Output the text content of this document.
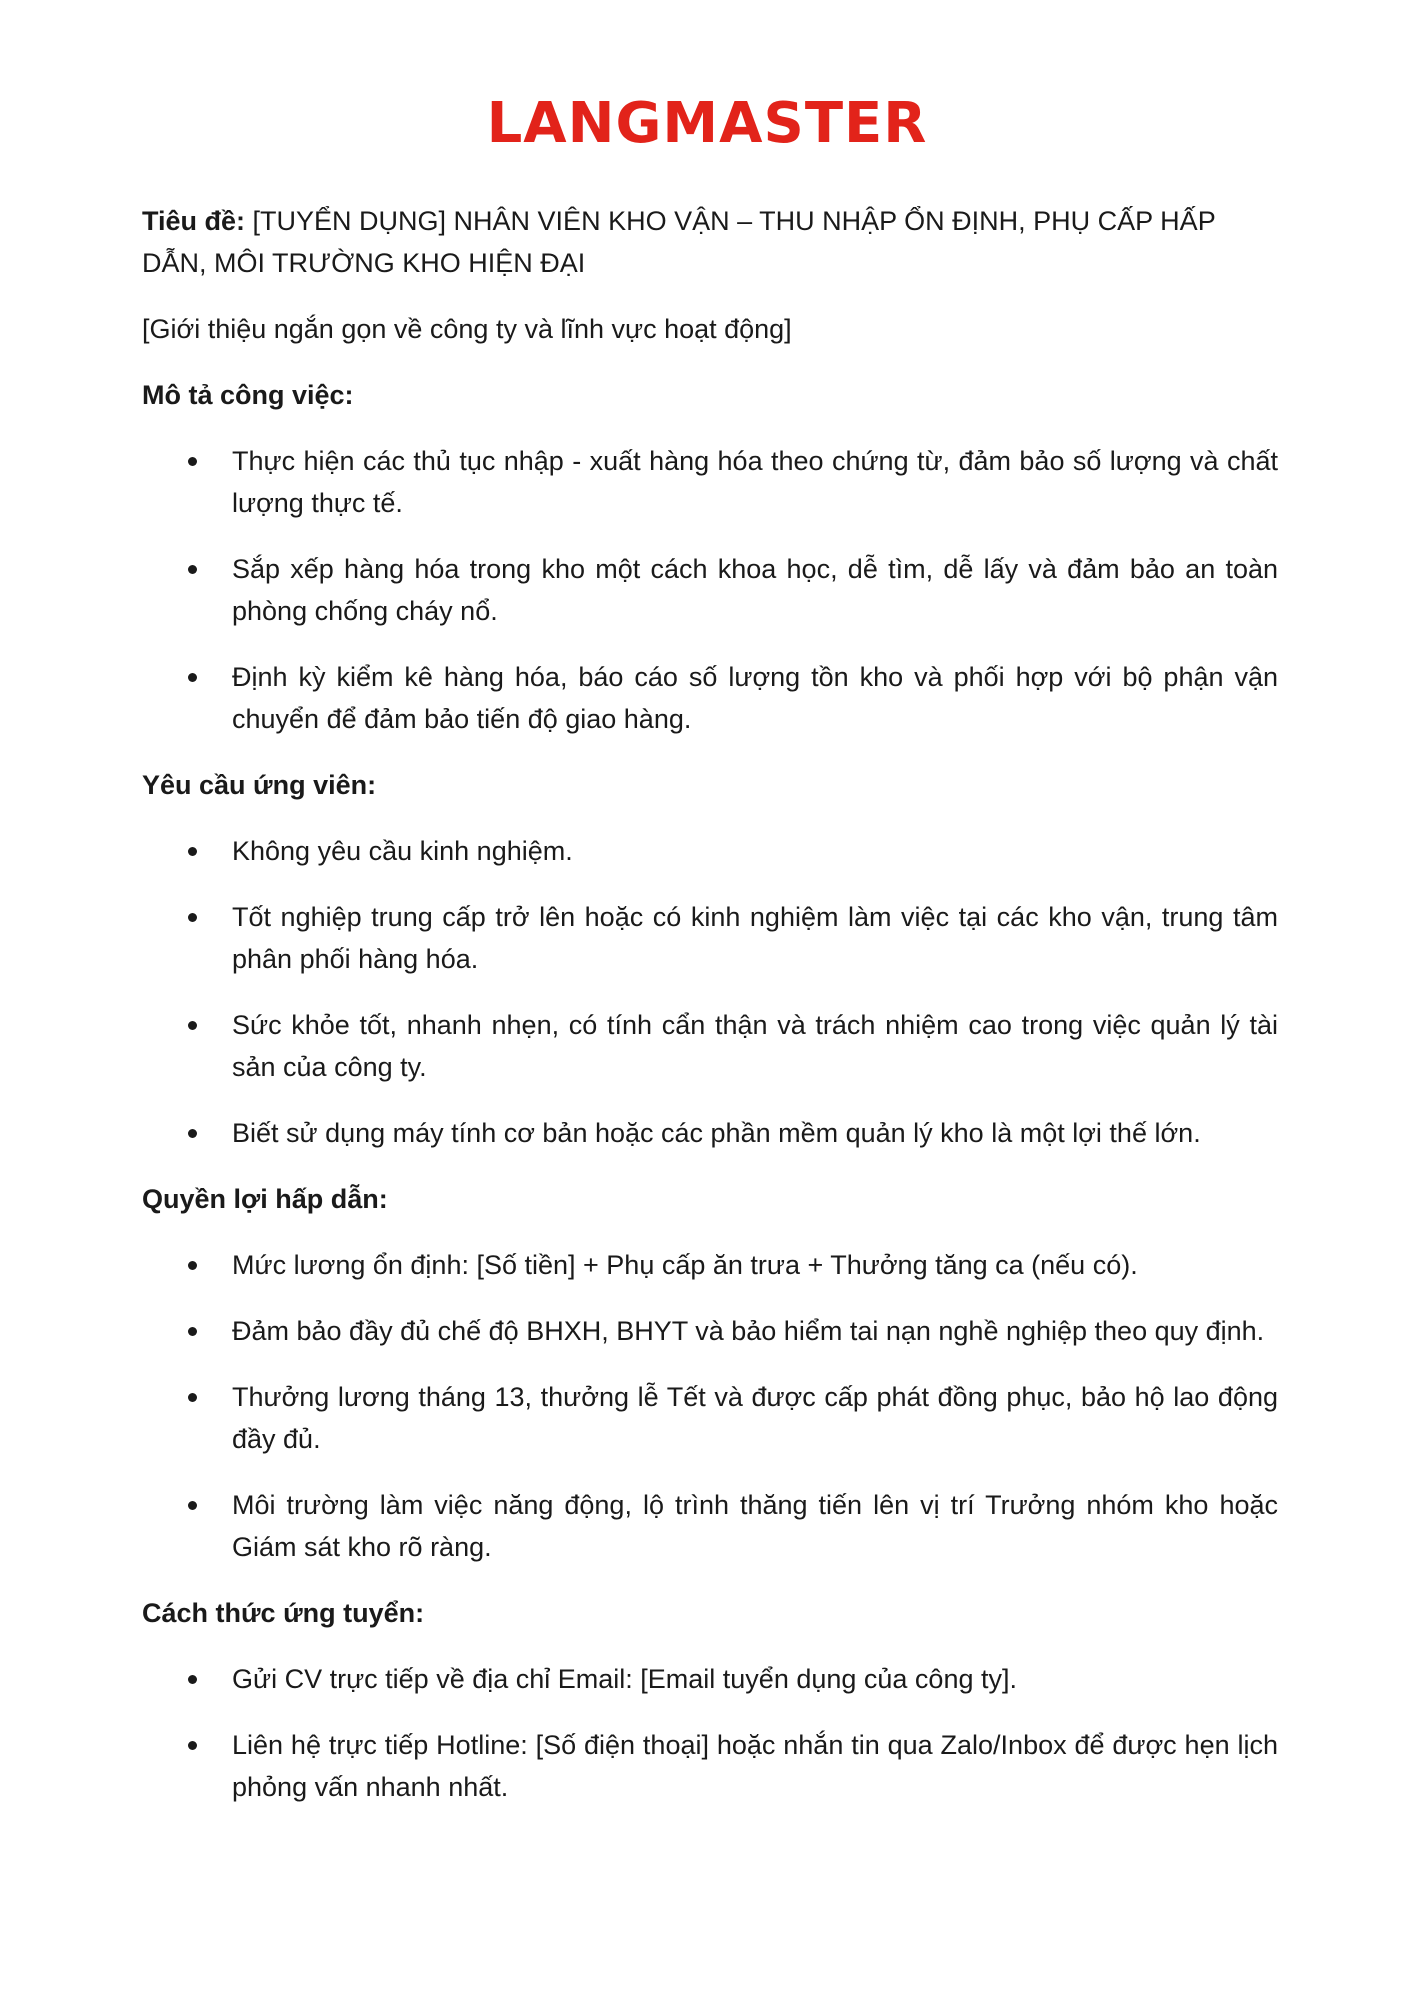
LANGMASTER
Tiêu đề: [TUYỂN DỤNG] NHÂN VIÊN KHO VẬN – THU NHẬP ỔN ĐỊNH, PHỤ CẤP HẤP DẪN, MÔI TRƯỜNG KHO HIỆN ĐẠI
[Giới thiệu ngắn gọn về công ty và lĩnh vực hoạt động]
Mô tả công việc:
Thực hiện các thủ tục nhập - xuất hàng hóa theo chứng từ, đảm bảo số lượng và chất lượng thực tế.
Sắp xếp hàng hóa trong kho một cách khoa học, dễ tìm, dễ lấy và đảm bảo an toàn phòng chống cháy nổ.
Định kỳ kiểm kê hàng hóa, báo cáo số lượng tồn kho và phối hợp với bộ phận vận chuyển để đảm bảo tiến độ giao hàng.
Yêu cầu ứng viên:
Không yêu cầu kinh nghiệm.
Tốt nghiệp trung cấp trở lên hoặc có kinh nghiệm làm việc tại các kho vận, trung tâm phân phối hàng hóa.
Sức khỏe tốt, nhanh nhẹn, có tính cẩn thận và trách nhiệm cao trong việc quản lý tài sản của công ty.
Biết sử dụng máy tính cơ bản hoặc các phần mềm quản lý kho là một lợi thế lớn.
Quyền lợi hấp dẫn:
Mức lương ổn định: [Số tiền] + Phụ cấp ăn trưa + Thưởng tăng ca (nếu có).
Đảm bảo đầy đủ chế độ BHXH, BHYT và bảo hiểm tai nạn nghề nghiệp theo quy định.
Thưởng lương tháng 13, thưởng lễ Tết và được cấp phát đồng phục, bảo hộ lao động đầy đủ.
Môi trường làm việc năng động, lộ trình thăng tiến lên vị trí Trưởng nhóm kho hoặc Giám sát kho rõ ràng.
Cách thức ứng tuyển:
Gửi CV trực tiếp về địa chỉ Email: [Email tuyển dụng của công ty].
Liên hệ trực tiếp Hotline: [Số điện thoại] hoặc nhắn tin qua Zalo/Inbox để được hẹn lịch phỏng vấn nhanh nhất.
